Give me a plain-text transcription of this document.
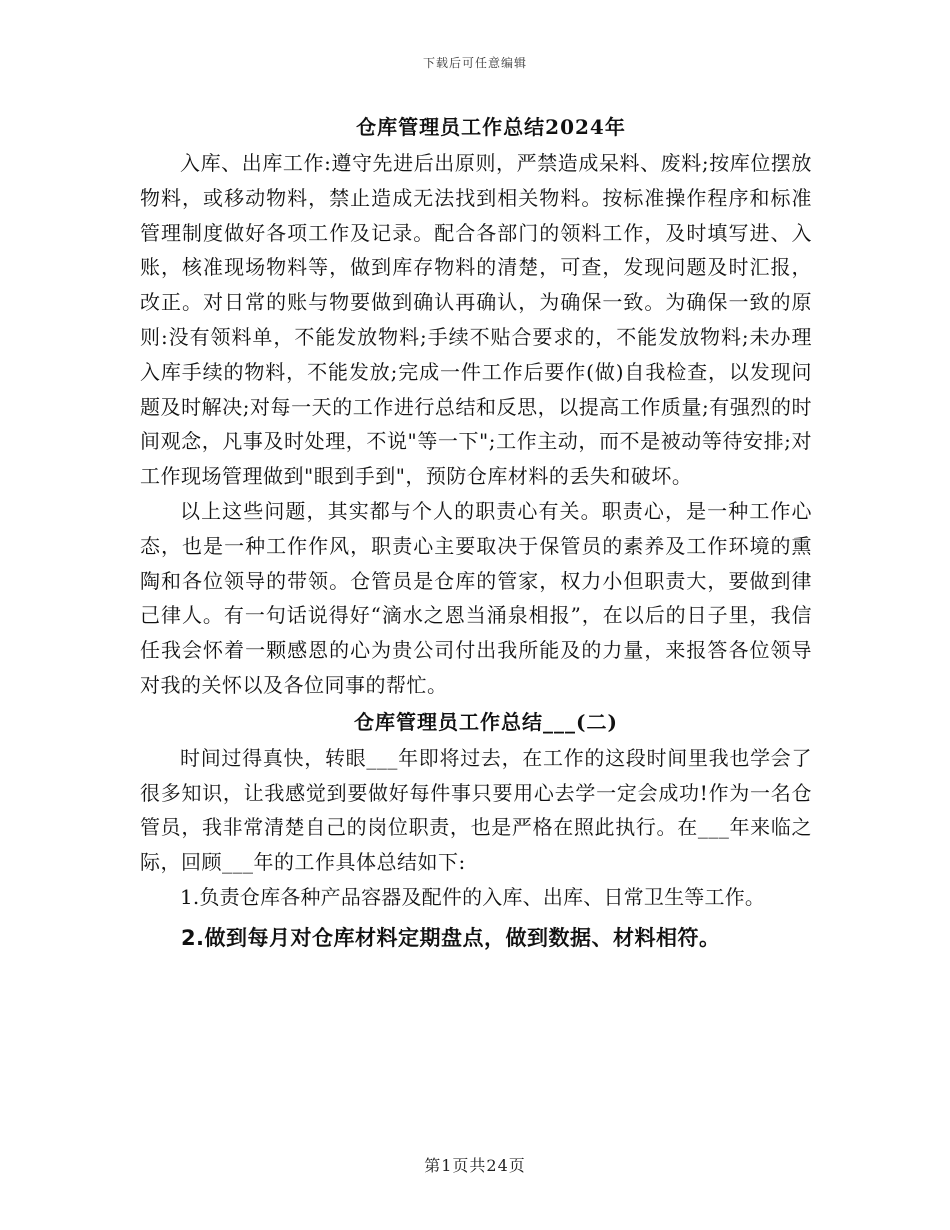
下载后可任意编辑
仓库管理员工作总结2024年

入库、出库工作:遵守先进后出原则，严禁造成呆料、废料;按库位摆放物料，或移动物料，禁止造成无法找到相关物料。按标准操作程序和标准管理制度做好各项工作及记录。配合各部门的领料工作，及时填写进、入账，核准现场物料等，做到库存物料的清楚，可查，发现问题及时汇报，改正。对日常的账与物要做到确认再确认，为确保一致。为确保一致的原则:没有领料单，不能发放物料;手续不贴合要求的，不能发放物料;未办理入库手续的物料，不能发放;完成一件工作后要作(做)自我检查，以发现问题及时解决;对每一天的工作进行总结和反思，以提高工作质量;有强烈的时间观念，凡事及时处理，不说"等一下";工作主动，而不是被动等待安排;对工作现场管理做到"眼到手到"，预防仓库材料的丢失和破坏。

以上这些问题，其实都与个人的职责心有关。职责心，是一种工作心态，也是一种工作作风，职责心主要取决于保管员的素养及工作环境的熏陶和各位领导的带领。仓管员是仓库的管家，权力小但职责大，要做到律己律人。有一句话说得好“滴水之恩当涌泉相报”，在以后的日子里，我信任我会怀着一颗感恩的心为贵公司付出我所能及的力量，来报答各位领导对我的关怀以及各位同事的帮忙。

仓库管理员工作总结___(二)

时间过得真快，转眼___年即将过去，在工作的这段时间里我也学会了很多知识，让我感觉到要做好每件事只要用心去学一定会成功!作为一名仓管员，我非常清楚自己的岗位职责，也是严格在照此执行。在___年来临之际，回顾___年的工作具体总结如下:

1.负责仓库各种产品容器及配件的入库、出库、日常卫生等工作。

2.做到每月对仓库材料定期盘点，做到数据、材料相符。

第1页共24页
